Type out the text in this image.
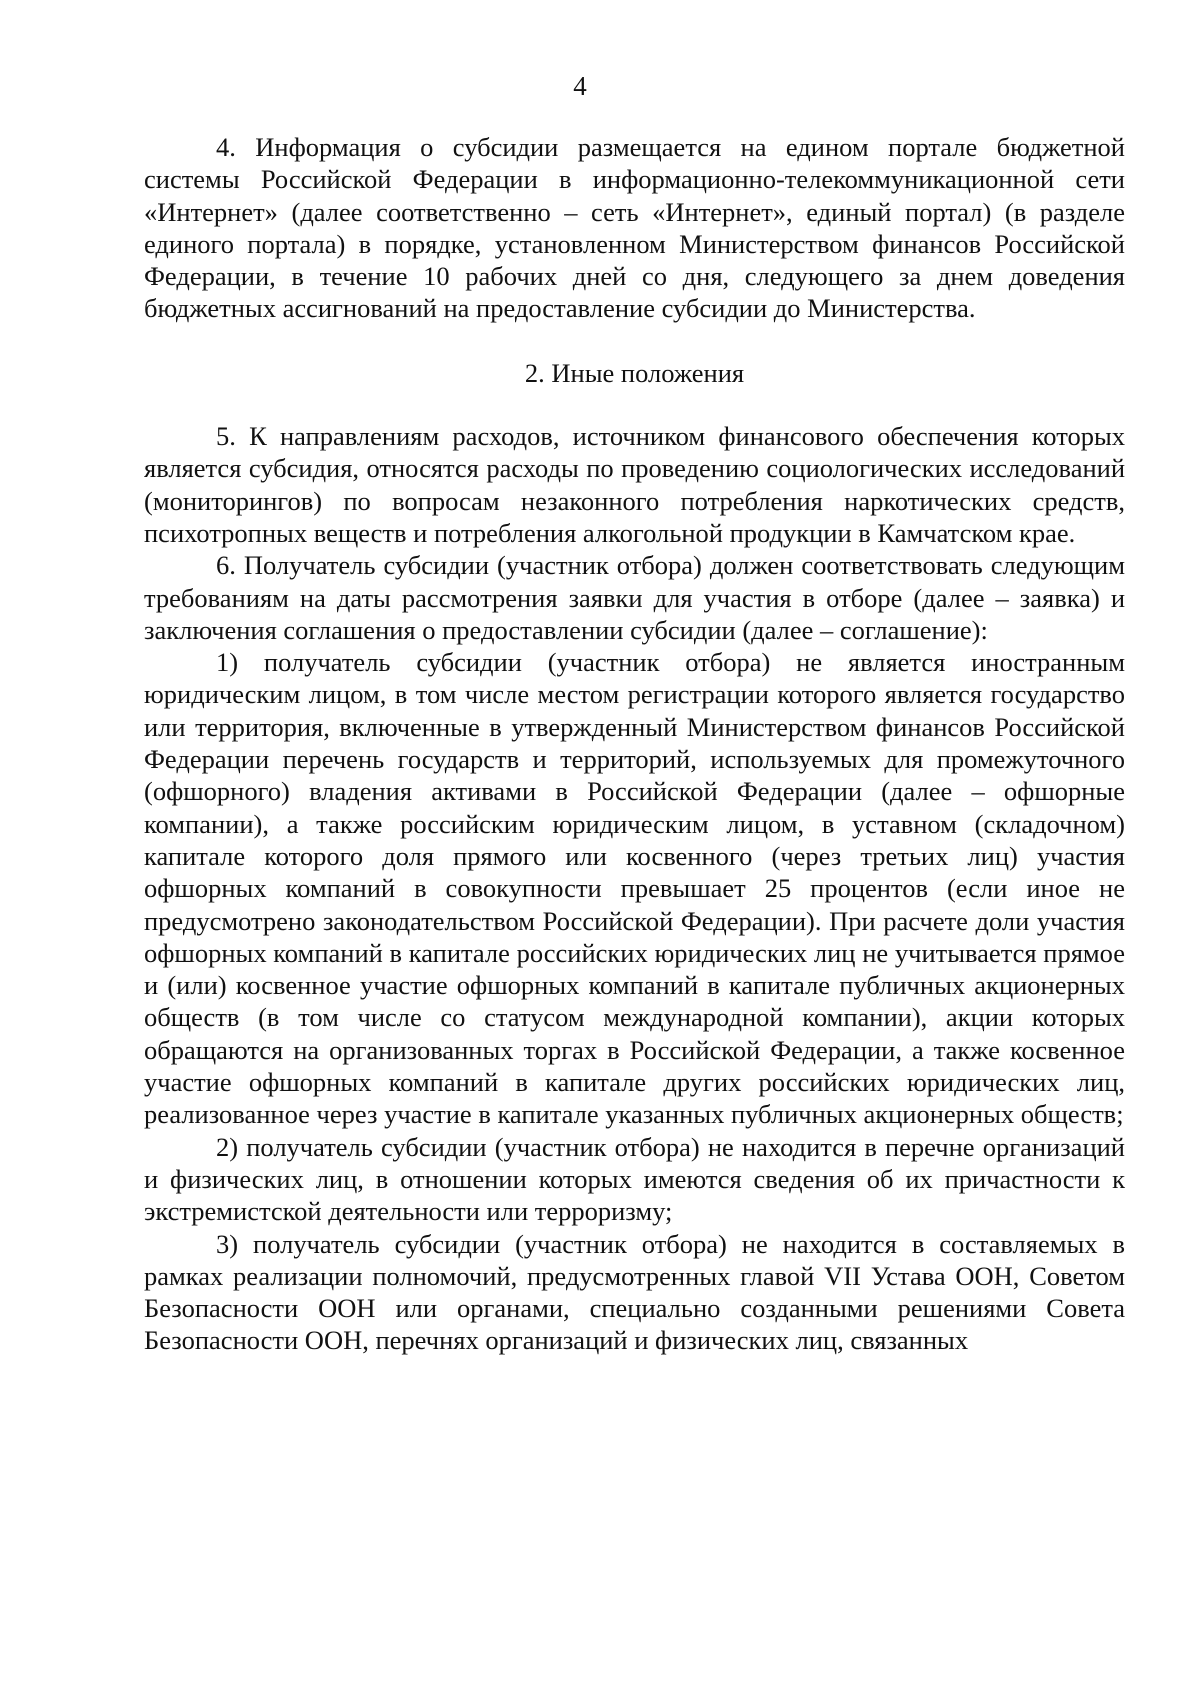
4

4. Информация о субсидии размещается на едином портале бюджетной системы Российской Федерации в информационно-телекоммуникационной сети «Интернет» (далее соответственно – сеть «Интернет», единый портал) (в разделе единого портала) в порядке, установленном Министерством финансов Российской Федерации, в течение 10 рабочих дней со дня, следующего за днем доведения бюджетных ассигнований на предоставление субсидии до Министерства.

2. Иные положения

5. К направлениям расходов, источником финансового обеспечения которых является субсидия, относятся расходы по проведению социологических исследований (мониторингов) по вопросам незаконного потребления наркотических средств, психотропных веществ и потребления алкогольной продукции в Камчатском крае.

6. Получатель субсидии (участник отбора) должен соответствовать следующим требованиям на даты рассмотрения заявки для участия в отборе (далее – заявка) и заключения соглашения о предоставлении субсидии (далее – соглашение):

1) получатель субсидии (участник отбора) не является иностранным юридическим лицом, в том числе местом регистрации которого является государство или территория, включенные в утвержденный Министерством финансов Российской Федерации перечень государств и территорий, используемых для промежуточного (офшорного) владения активами в Российской Федерации (далее – офшорные компании), а также российским юридическим лицом, в уставном (складочном) капитале которого доля прямого или косвенного (через третьих лиц) участия офшорных компаний в совокупности превышает 25 процентов (если иное не предусмотрено законодательством Российской Федерации). При расчете доли участия офшорных компаний в капитале российских юридических лиц не учитывается прямое и (или) косвенное участие офшорных компаний в капитале публичных акционерных обществ (в том числе со статусом международной компании), акции которых обращаются на организованных торгах в Российской Федерации, а также косвенное участие офшорных компаний в капитале других российских юридических лиц, реализованное через участие в капитале указанных публичных акционерных обществ;

2) получатель субсидии (участник отбора) не находится в перечне организаций и физических лиц, в отношении которых имеются сведения об их причастности к экстремистской деятельности или терроризму;

3) получатель субсидии (участник отбора) не находится в составляемых в рамках реализации полномочий, предусмотренных главой VII Устава ООН, Советом Безопасности ООН или органами, специально созданными решениями Совета Безопасности ООН, перечнях организаций и физических лиц, связанных
